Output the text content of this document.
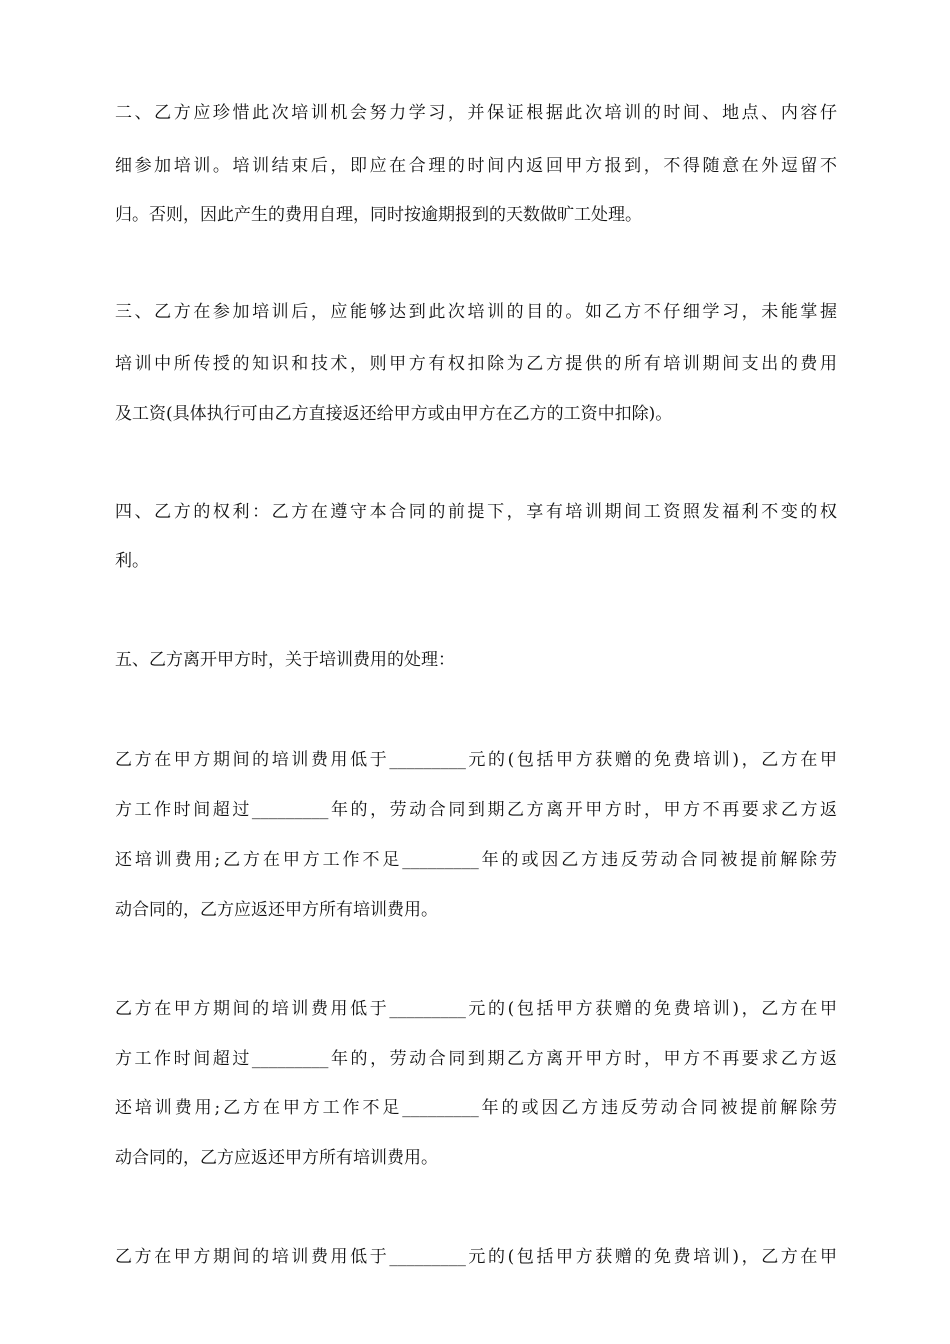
二、乙方应珍惜此次培训机会努力学习，并保证根据此次培训的时间、地点、内容仔
细参加培训。培训结束后，即应在合理的时间内返回甲方报到，不得随意在外逗留不
归。否则，因此产生的费用自理，同时按逾期报到的天数做旷工处理。
三、乙方在参加培训后，应能够达到此次培训的目的。如乙方不仔细学习，未能掌握
培训中所传授的知识和技术，则甲方有权扣除为乙方提供的所有培训期间支出的费用
及工资(具体执行可由乙方直接返还给甲方或由甲方在乙方的工资中扣除)。
四、乙方的权利：乙方在遵守本合同的前提下，享有培训期间工资照发福利不变的权
利。
五、乙方离开甲方时，关于培训费用的处理：
乙方在甲方期间的培训费用低于_________元的(包括甲方获赠的免费培训)，乙方在甲
方工作时间超过_________年的，劳动合同到期乙方离开甲方时，甲方不再要求乙方返
还培训费用;乙方在甲方工作不足_________年的或因乙方违反劳动合同被提前解除劳
动合同的，乙方应返还甲方所有培训费用。
乙方在甲方期间的培训费用低于_________元的(包括甲方获赠的免费培训)，乙方在甲
方工作时间超过_________年的，劳动合同到期乙方离开甲方时，甲方不再要求乙方返
还培训费用;乙方在甲方工作不足_________年的或因乙方违反劳动合同被提前解除劳
动合同的，乙方应返还甲方所有培训费用。
乙方在甲方期间的培训费用低于_________元的(包括甲方获赠的免费培训)，乙方在甲
